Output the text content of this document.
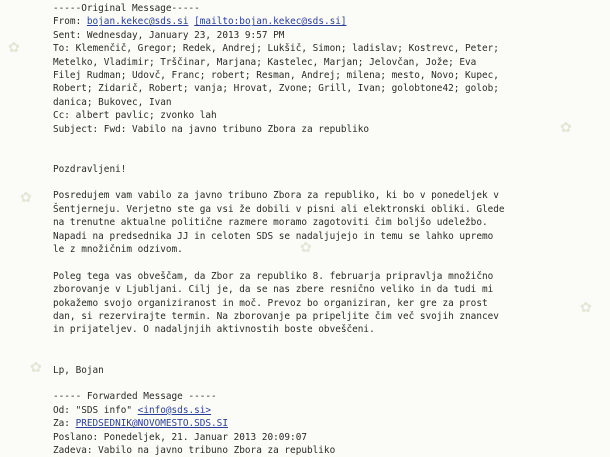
✿
✿
✿
✿
✿
✿
-----Original Message-----
From: bojan.kekec@sds.si [mailto:bojan.kekec@sds.si]
Sent: Wednesday, January 23, 2013 9:57 PM
To: Klemenčič, Gregor; Redek, Andrej; Lukšič, Simon; ladislav; Kostrevc, Peter;
Metelko, Vladimir; Trščinar, Marjana; Kastelec, Marjan; Jelovčan, Jože; Eva
Filej Rudman; Udovč, Franc; robert; Resman, Andrej; milena; mesto, Novo; Kupec,
Robert; Zidarič, Robert; vanja; Hrovat, Zvone; Grill, Ivan; golobtone42; golob;
danica; Bukovec, Ivan
Cc: albert pavlic; zvonko lah
Subject: Fwd: Vabilo na javno tribuno Zbora za republiko
Pozdravljeni!
Posredujem vam vabilo za javno tribuno Zbora za republiko, ki bo v ponedeljek v
Šentjerneju. Verjetno ste ga vsi že dobili v pisni ali elektronski obliki. Glede
na trenutne aktualne politične razmere moramo zagotoviti čim boljšo udeležbo.
Napadi na predsednika JJ in celoten SDS se nadaljujejo in temu se lahko upremo
le z množičnim odzivom.
Poleg tega vas obveščam, da Zbor za republiko 8. februarja pripravlja množično
zborovanje v Ljubljani. Cilj je, da se nas zbere resnično veliko in da tudi mi
pokažemo svojo organiziranost in moč. Prevoz bo organiziran, ker gre za prost
dan, si rezervirajte termin. Na zborovanje pa pripeljite čim več svojih znancev
in prijateljev. O nadaljnjih aktivnostih boste obveščeni.
Lp, Bojan
----- Forwarded Message -----
Od: "SDS info" <info@sds.si>
Za: PREDSEDNIK@NOVOMESTO.SDS.SI
Poslano: Ponedeljek, 21. Januar 2013 20:09:07
Zadeva: Vabilo na javno tribuno Zbora za republiko
